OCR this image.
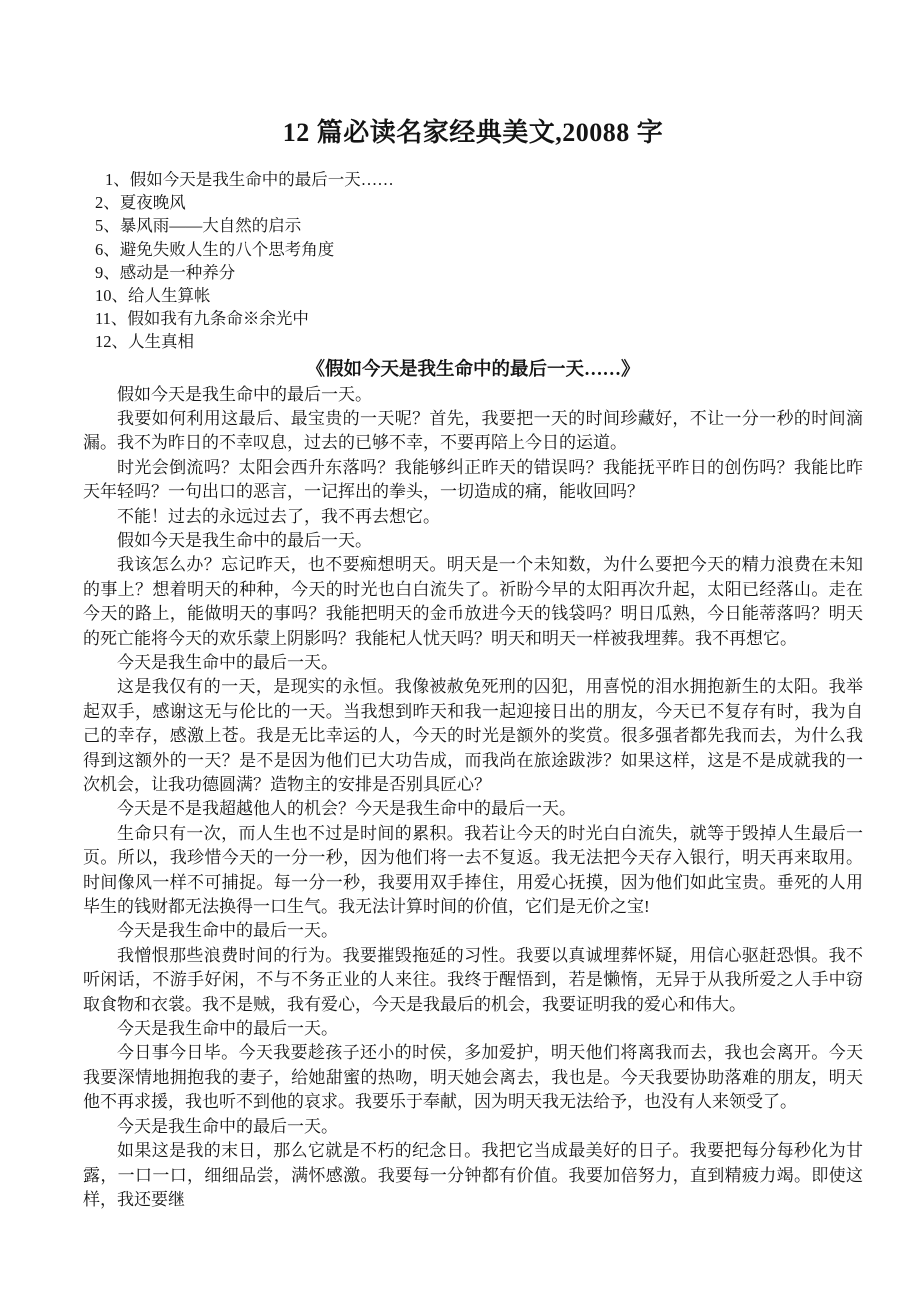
12 篇必读名家经典美文,20088 字

1、假如今天是我生命中的最后一天……

2、夏夜晚风

5、暴风雨——大自然的启示

6、避免失败人生的八个思考角度

9、感动是一种养分

10、给人生算帐

11、假如我有九条命※余光中

12、人生真相

《假如今天是我生命中的最后一天……》

假如今天是我生命中的最后一天。

我要如何利用这最后、最宝贵的一天呢？首先，我要把一天的时间珍藏好，不让一分一秒的时间滴漏。我不为昨日的不幸叹息，过去的已够不幸，不要再陪上今日的运道。

时光会倒流吗？太阳会西升东落吗？我能够纠正昨天的错误吗？我能抚平昨日的创伤吗？我能比昨天年轻吗？一句出口的恶言，一记挥出的拳头，一切造成的痛，能收回吗？

不能！过去的永远过去了，我不再去想它。

假如今天是我生命中的最后一天。

我该怎么办？忘记昨天，也不要痴想明天。明天是一个未知数，为什么要把今天的精力浪费在未知的事上？想着明天的种种，今天的时光也白白流失了。祈盼今早的太阳再次升起，太阳已经落山。走在今天的路上，能做明天的事吗？我能把明天的金币放进今天的钱袋吗？明日瓜熟，今日能蒂落吗？明天的死亡能将今天的欢乐蒙上阴影吗？我能杞人忧天吗？明天和明天一样被我埋葬。我不再想它。

今天是我生命中的最后一天。

这是我仅有的一天，是现实的永恒。我像被赦免死刑的囚犯，用喜悦的泪水拥抱新生的太阳。我举起双手，感谢这无与伦比的一天。当我想到昨天和我一起迎接日出的朋友，今天已不复存有时，我为自己的幸存，感激上苍。我是无比幸运的人，今天的时光是额外的奖赏。很多强者都先我而去，为什么我得到这额外的一天？是不是因为他们已大功告成，而我尚在旅途跋涉？如果这样，这是不是成就我的一次机会，让我功德圆满？造物主的安排是否别具匠心？

今天是不是我超越他人的机会？今天是我生命中的最后一天。

生命只有一次，而人生也不过是时间的累积。我若让今天的时光白白流失，就等于毁掉人生最后一页。所以，我珍惜今天的一分一秒，因为他们将一去不复返。我无法把今天存入银行，明天再来取用。时间像风一样不可捕捉。每一分一秒，我要用双手捧住，用爱心抚摸，因为他们如此宝贵。垂死的人用毕生的钱财都无法换得一口生气。我无法计算时间的价值，它们是无价之宝!

今天是我生命中的最后一天。

我憎恨那些浪费时间的行为。我要摧毁拖延的习性。我要以真诚埋葬怀疑，用信心驱赶恐惧。我不听闲话，不游手好闲，不与不务正业的人来往。我终于醒悟到，若是懒惰，无异于从我所爱之人手中窃取食物和衣裳。我不是贼，我有爱心，今天是我最后的机会，我要证明我的爱心和伟大。

今天是我生命中的最后一天。

今日事今日毕。今天我要趁孩子还小的时侯，多加爱护，明天他们将离我而去，我也会离开。今天我要深情地拥抱我的妻子，给她甜蜜的热吻，明天她会离去，我也是。今天我要协助落难的朋友，明天他不再求援，我也听不到他的哀求。我要乐于奉献，因为明天我无法给予，也没有人来领受了。

今天是我生命中的最后一天。

如果这是我的末日，那么它就是不朽的纪念日。我把它当成最美好的日子。我要把每分每秒化为甘露，一口一口，细细品尝，满怀感激。我要每一分钟都有价值。我要加倍努力，直到精疲力竭。即使这样，我还要继
